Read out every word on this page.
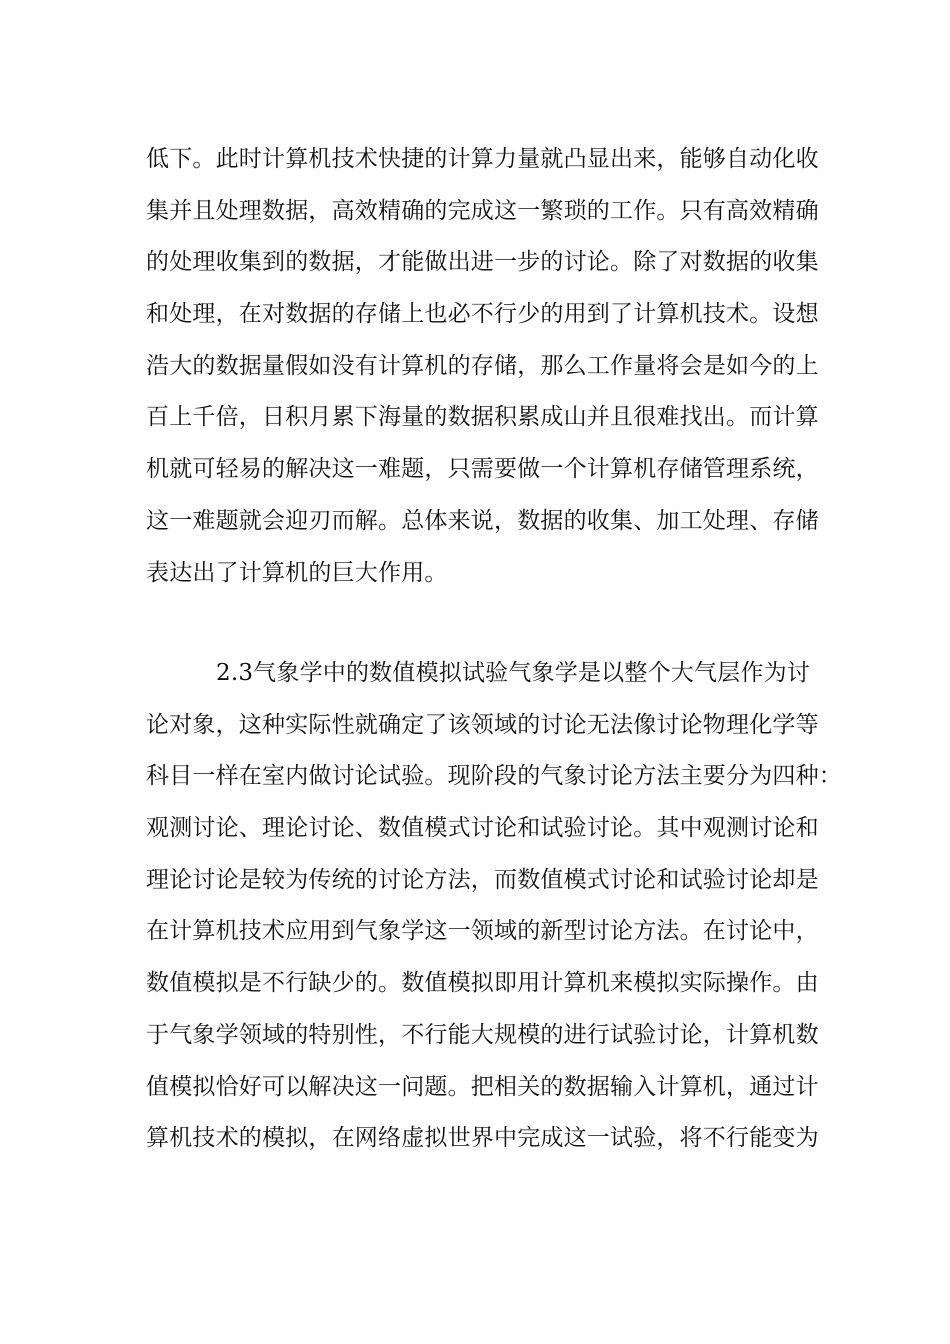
低下。此时计算机技术快捷的计算力量就凸显出来，能够自动化收
集并且处理数据，高效精确的完成这一繁琐的工作。只有高效精确
的处理收集到的数据，才能做出进一步的讨论。除了对数据的收集
和处理，在对数据的存储上也必不行少的用到了计算机技术。设想
浩大的数据量假如没有计算机的存储，那么工作量将会是如今的上
百上千倍，日积月累下海量的数据积累成山并且很难找出。而计算
机就可轻易的解决这一难题，只需要做一个计算机存储管理系统，
这一难题就会迎刃而解。总体来说，数据的收集、加工处理、存储
表达出了计算机的巨大作用。
2.3气象学中的数值模拟试验气象学是以整个大气层作为讨
论对象，这种实际性就确定了该领域的讨论无法像讨论物理化学等
科目一样在室内做讨论试验。现阶段的气象讨论方法主要分为四种：
观测讨论、理论讨论、数值模式讨论和试验讨论。其中观测讨论和
理论讨论是较为传统的讨论方法，而数值模式讨论和试验讨论却是
在计算机技术应用到气象学这一领域的新型讨论方法。在讨论中，
数值模拟是不行缺少的。数值模拟即用计算机来模拟实际操作。由
于气象学领域的特别性，不行能大规模的进行试验讨论，计算机数
值模拟恰好可以解决这一问题。把相关的数据输入计算机，通过计
算机技术的模拟，在网络虚拟世界中完成这一试验，将不行能变为
